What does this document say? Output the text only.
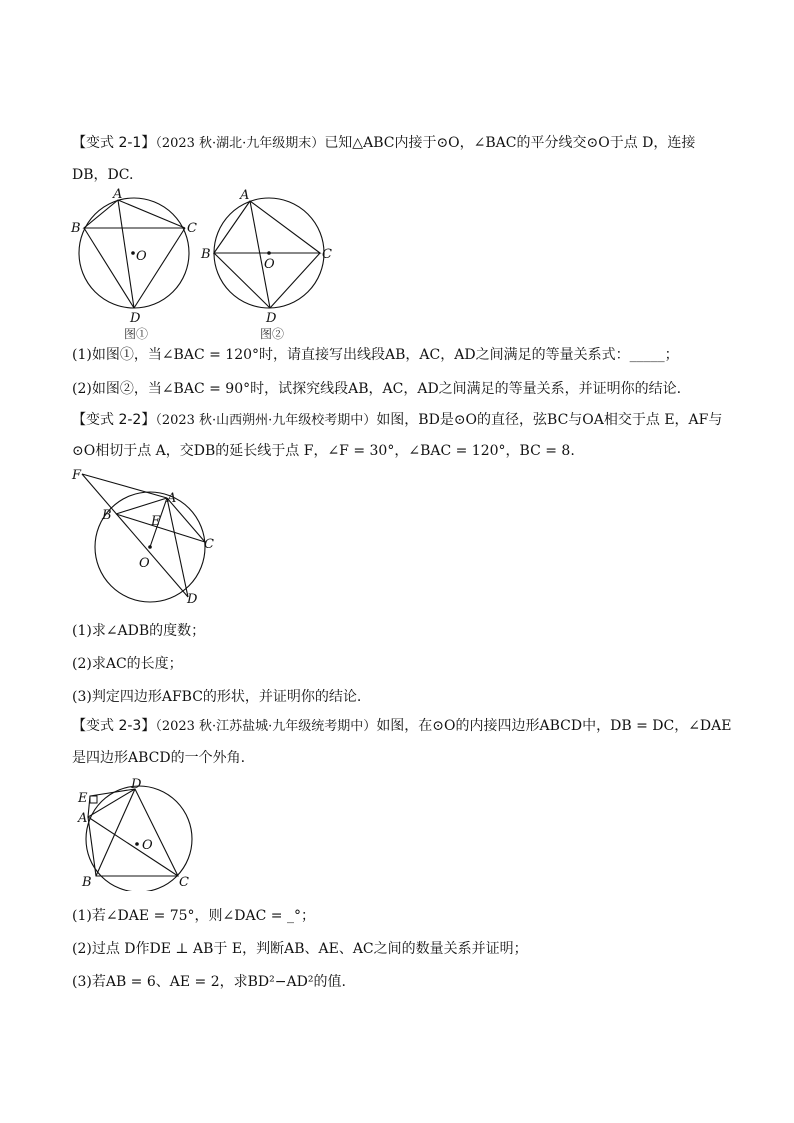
【变式 2-1】（2023 秋·湖北·九年级期末）已知△ABC内接于⊙O，∠BAC的平分线交⊙O于点 D，连接
DB，DC.
A
B	C
D
O
图①
A
B	C
D
O
图②
(1)如图①，当∠BAC = 120°时，请直接写出线段AB，AC，AD之间满足的等量关系式：_____；
(2)如图②，当∠BAC = 90°时，试探究线段AB，AC，AD之间满足的等量关系，并证明你的结论.
【变式 2-2】（2023 秋·山西朔州·九年级校考期中）如图，BD是⊙O的直径，弦BC与OA相交于点 E，AF与
⊙O相切于点 A，交DB的延长线于点 F，∠F = 30°，∠BAC = 120°，BC = 8.
F
A
B	E
C
O
D
(1)求∠ADB的度数；
(2)求AC的长度；
(3)判定四边形AFBC的形状，并证明你的结论.
【变式 2-3】（2023 秋·江苏盐城·九年级统考期中）如图，在⊙O的内接四边形ABCD中，DB = DC，∠DAE
是四边形ABCD的一个外角.
D
E
A
O
B	C
(1)若∠DAE = 75°，则∠DAC = _°；
(2)过点 D作DE ⊥ AB于 E，判断AB、AE、AC之间的数量关系并证明；
(3)若AB = 6、AE = 2，求BD²−AD²的值.
